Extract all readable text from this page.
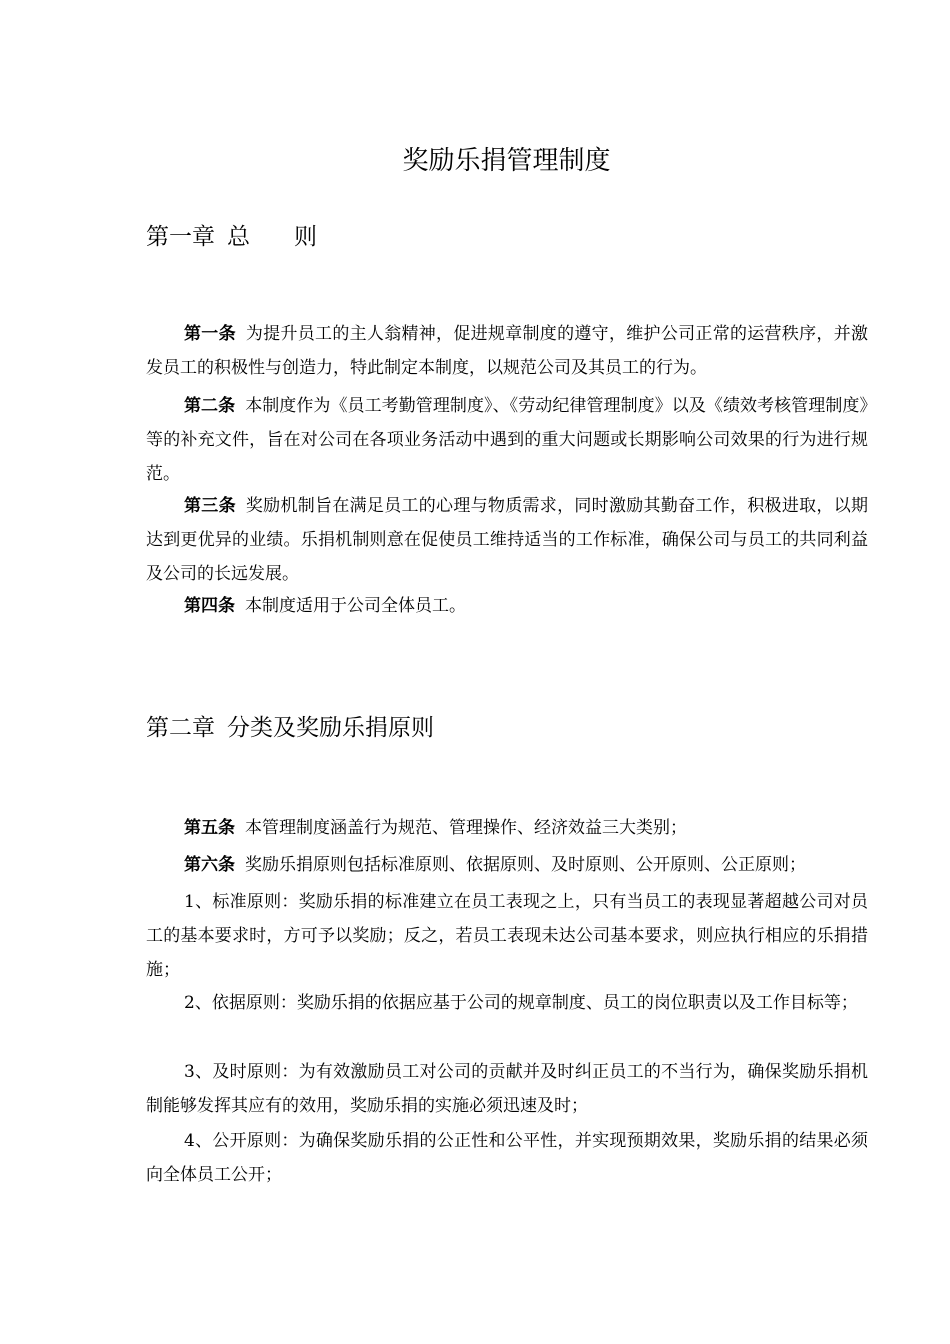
奖励乐捐管理制度
第一章 总则

第一条 为提升员工的主人翁精神，促进规章制度的遵守，维护公司正常的运营秩序，并激发员工的积极性与创造力，特此制定本制度，以规范公司及其员工的行为。

第二条 本制度作为《员工考勤管理制度》、《劳动纪律管理制度》以及《绩效考核管理制度》等的补充文件，旨在对公司在各项业务活动中遇到的重大问题或长期影响公司效果的行为进行规范。

第三条 奖励机制旨在满足员工的心理与物质需求，同时激励其勤奋工作，积极进取，以期达到更优异的业绩。乐捐机制则意在促使员工维持适当的工作标准，确保公司与员工的共同利益及公司的长远发展。

第四条 本制度适用于公司全体员工。

第二章 分类及奖励乐捐原则

第五条 本管理制度涵盖行为规范、管理操作、经济效益三大类别；

第六条 奖励乐捐原则包括标准原则、依据原则、及时原则、公开原则、公正原则；

1、标准原则：奖励乐捐的标准建立在员工表现之上，只有当员工的表现显著超越公司对员工的基本要求时，方可予以奖励；反之，若员工表现未达公司基本要求，则应执行相应的乐捐措施；

2、依据原则：奖励乐捐的依据应基于公司的规章制度、员工的岗位职责以及工作目标等；

3、及时原则：为有效激励员工对公司的贡献并及时纠正员工的不当行为，确保奖励乐捐机制能够发挥其应有的效用，奖励乐捐的实施必须迅速及时；

4、公开原则：为确保奖励乐捐的公正性和公平性，并实现预期效果，奖励乐捐的结果必须向全体员工公开；
